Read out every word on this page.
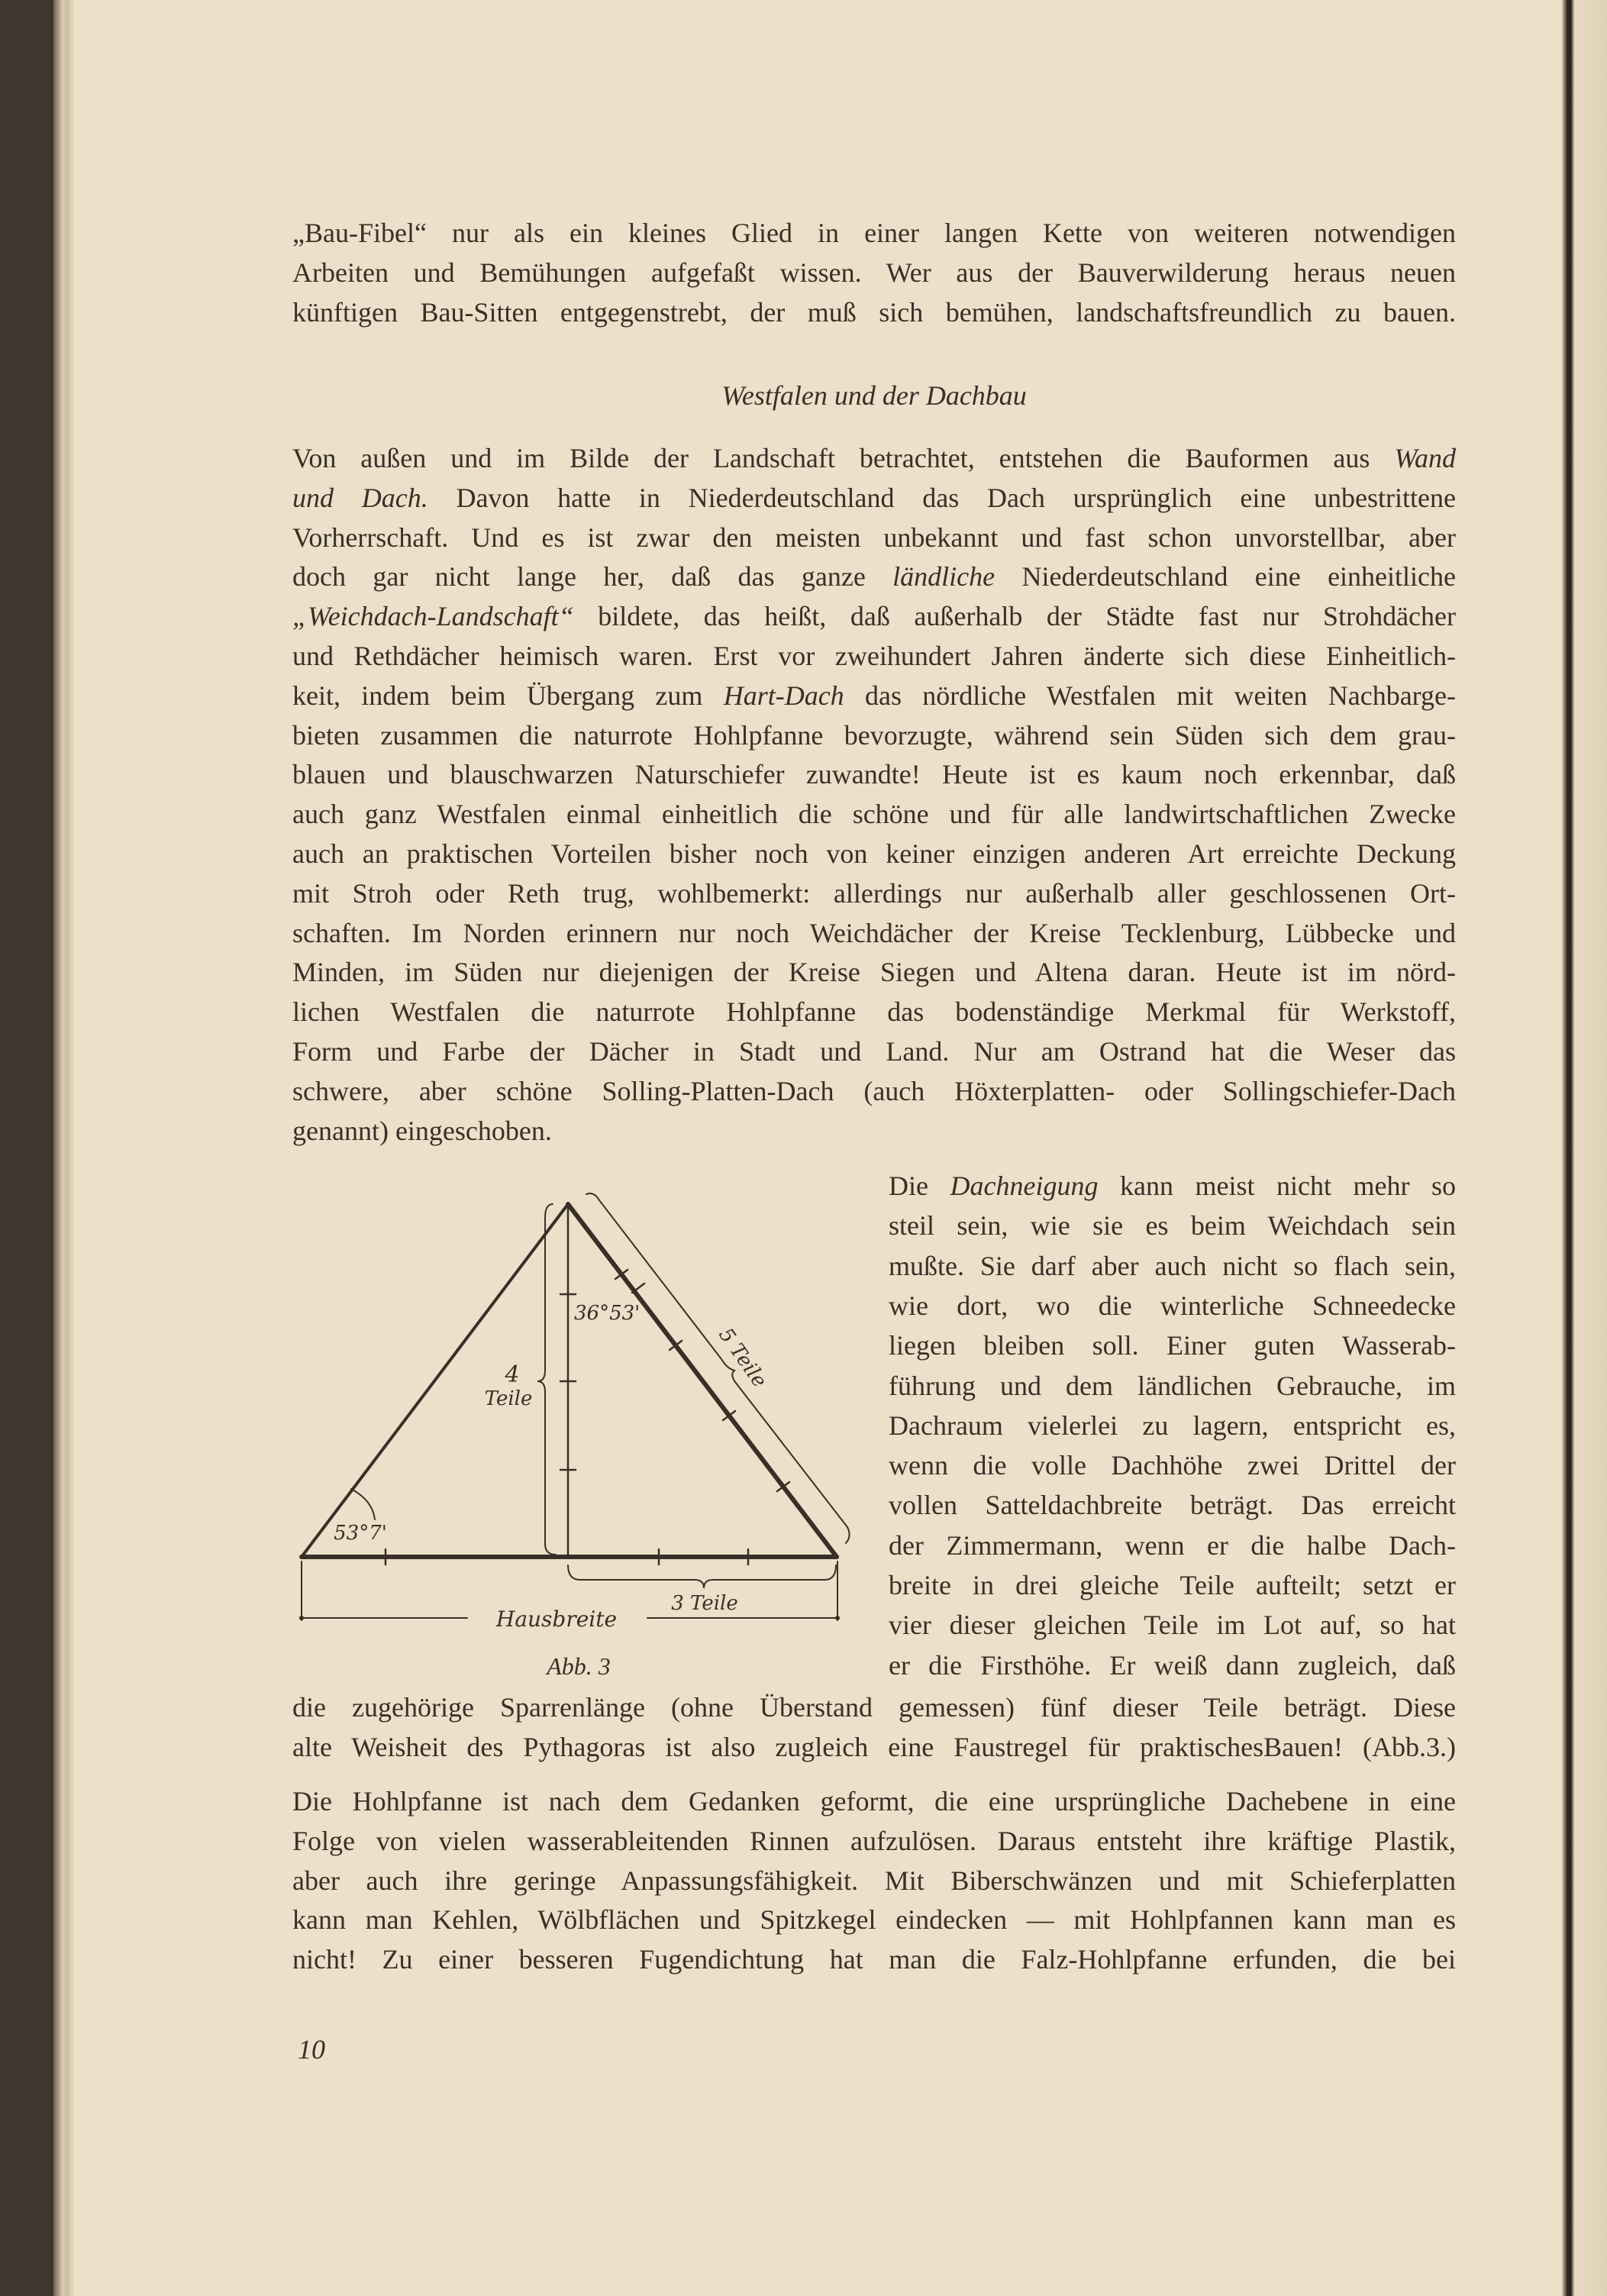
„Bau-Fibel“ nur als ein kleines Glied in einer langen Kette von weiteren notwendigen
Arbeiten und Bemühungen aufgefaßt wissen. Wer aus der Bauverwilderung heraus neuen
künftigen Bau-Sitten entgegenstrebt, der muß sich bemühen, landschaftsfreundlich zu bauen.
Von außen und im Bilde der Landschaft betrachtet, entstehen die Bauformen aus Wand
und Dach. Davon hatte in Niederdeutschland das Dach ursprünglich eine unbestrittene
Vorherrschaft. Und es ist zwar den meisten unbekannt und fast schon unvorstellbar, aber
doch gar nicht lange her, daß das ganze ländliche Niederdeutschland eine einheitliche
„Weichdach-Landschaft“ bildete, das heißt, daß außerhalb der Städte fast nur Strohdächer
und Rethdächer heimisch waren. Erst vor zweihundert Jahren änderte sich diese Einheitlich-
keit, indem beim Übergang zum Hart-Dach das nördliche Westfalen mit weiten Nachbarge-
bieten zusammen die naturrote Hohlpfanne bevorzugte, während sein Süden sich dem grau-
blauen und blauschwarzen Naturschiefer zuwandte! Heute ist es kaum noch erkennbar, daß
auch ganz Westfalen einmal einheitlich die schöne und für alle landwirtschaftlichen Zwecke
auch an praktischen Vorteilen bisher noch von keiner einzigen anderen Art erreichte Deckung
mit Stroh oder Reth trug, wohlbemerkt: allerdings nur außerhalb aller geschlossenen Ort-
schaften. Im Norden erinnern nur noch Weichdächer der Kreise Tecklenburg, Lübbecke und
Minden, im Süden nur diejenigen der Kreise Siegen und Altena daran. Heute ist im nörd-
lichen Westfalen die naturrote Hohlpfanne das bodenständige Merkmal für Werkstoff,
Form und Farbe der Dächer in Stadt und Land. Nur am Ostrand hat die Weser das
schwere, aber schöne Solling-Platten-Dach (auch Höxterplatten- oder Sollingschiefer-Dach
genannt) eingeschoben.
Die Dachneigung kann meist nicht mehr so
steil sein, wie sie es beim Weichdach sein
mußte. Sie darf aber auch nicht so flach sein,
wie dort, wo die winterliche Schneedecke
liegen bleiben soll. Einer guten Wasserab-
führung und dem ländlichen Gebrauche, im
Dachraum vielerlei zu lagern, entspricht es,
wenn die volle Dachhöhe zwei Drittel der
vollen Satteldachbreite beträgt. Das erreicht
der Zimmermann, wenn er die halbe Dach-
breite in drei gleiche Teile aufteilt; setzt er
vier dieser gleichen Teile im Lot auf, so hat
er die Firsthöhe. Er weiß dann zugleich, daß
die zugehörige Sparrenlänge (ohne Überstand gemessen) fünf dieser Teile beträgt. Diese
alte Weisheit des Pythagoras ist also zugleich eine Faustregel für praktischesBauen! (Abb.3.)
Die Hohlpfanne ist nach dem Gedanken geformt, die eine ursprüngliche Dachebene in eine
Folge von vielen wasserableitenden Rinnen aufzulösen. Daraus entsteht ihre kräftige Plastik,
aber auch ihre geringe Anpassungsfähigkeit. Mit Biberschwänzen und mit Schieferplatten
kann man Kehlen, Wölbflächen und Spitzkegel eindecken — mit Hohlpfannen kann man es
nicht! Zu einer besseren Fugendichtung hat man die Falz-Hohlpfanne erfunden, die bei
Westfalen und der Dachbau
4
Teile
36°53'
5 Teile
53°7'
3 Teile
Hausbreite
Abb. 3
10
